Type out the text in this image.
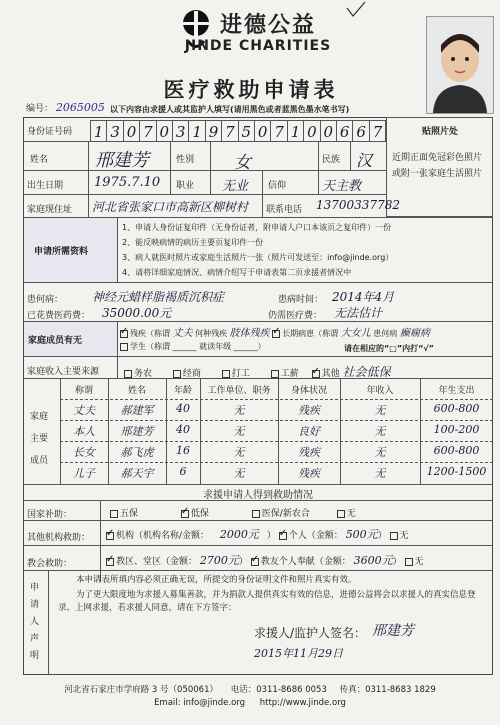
进德公益
JINDE CHARITIES
医疗救助申请表
编号： 2065005 以下内容由求援人或其监护人填写(请用黑色或者蓝黑色墨水笔书写)
身份证号码 1 3 0 7 0 3 1 9 7 5 0 7 1 0 0 6 6 7	贴照片处
近期正面免冠彩色照片或附一张家庭生活照片
姓名	邢建芳	性别 女	民族 汉
出生日期 1975.7.10 职业 无业 信仰	天主教
家庭现住址 河北省张家口市高新区柳树村 联系电话 13700337782
申请所需资料
1、申请人身份证复印件（无身份证者，附申请人户口本该页之复印件）一份
2、能反映病情的病历主要页复印件一份
3、病人就医时照片或家庭生活照片一张（照片可发送至：info@jinde.org）
4、请将详细家庭情况、病情介绍写于申请表第二页求援者情况中
患何病： 神经元蜡样脂褐质沉积症	患病时间： 2014年4月
已花费医药费： 35000.00元	仍需医疗费： 无法估计
家庭成员有无
✓残疾（称谓 丈夫 何种残疾 肢体残疾 ✓ 长期病患（称谓 大女儿 患何病 癫痫病
学生（称谓 ______ 就读年级 ______）	请在相应的“□”内打“√”
家庭收入主要来源	务农	经商	打工	工薪 ✓	其他 社会低保
家庭
主要
成员
称谓	姓名	年龄	工作单位、职务	身体状况	年收入	年生支出
丈夫	郝建军	40	无	残疾	无	600-800
本人	邢建芳	40	无	良好	无	100-200
长女	郝飞虎	16	无	残疾	无	600-800
儿子	郝天宇	6	无	残疾	无	1200-1500
求援申请人得到救助情况
国家补助：	五保 ✓	低保	医保/新农合	无
其他机构救助： ✓	机构（机构名称/金额： 2000元 ） ✓个人（金额： 500元） 无
教会救助： ✓	教区、堂区（金额： 2700元） ✓教友个人奉献（金额： 3600元） 无
申
请
人
声
明
本申请表所填内容必须正确无误，所提交的身份证明文件和照片真实有效。
为了更大限度地为求援人募集善款，并为捐款人提供真实有效的信息，进德公益将会以求援人的真实信息登录、上网求援，若求援人同意，请在下方签字：
求援人/监护人签名： 邢建芳
2015年11月29日
河北省石家庄市学府路 3 号（050061） 电话：0311-8686 0053 传真：0311-8683 1829
Email: info@jinde.org http://www.jinde.org
